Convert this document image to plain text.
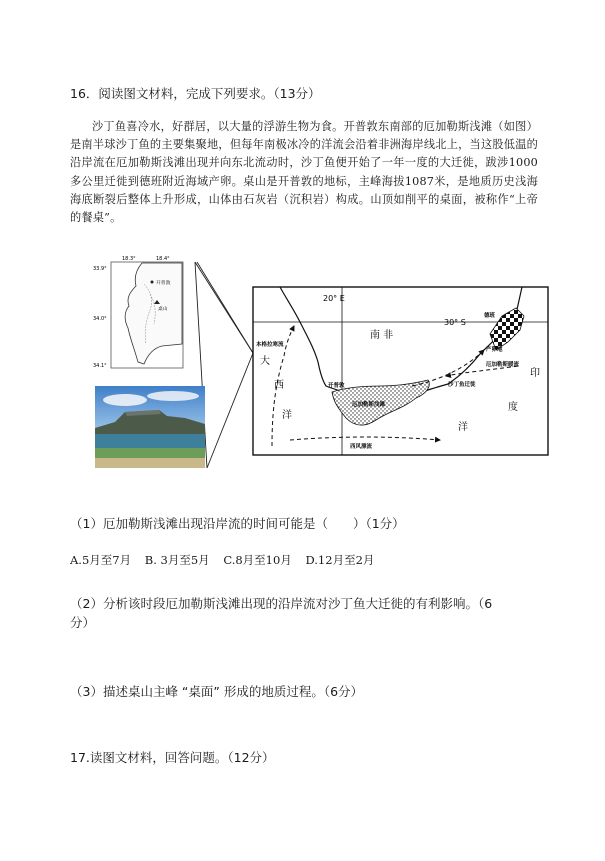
16．阅读图文材料，完成下列要求。（13分）
沙丁鱼喜冷水，好群居，以大量的浮游生物为食。开普敦东南部的厄加勒斯浅滩（如图）是南半球沙丁鱼的主要集聚地，但每年南极冰冷的洋流会沿着非洲海岸线北上，当这股低温的沿岸流在厄加勒斯浅滩出现并向东北流动时，沙丁鱼便开始了一年一度的大迁徙，跋涉1000多公里迁徙到德班附近海域产卵。桌山是开普敦的地标，主峰海拔1087米，是地质历史浅海海底断裂后整体上升形成，山体由石灰岩（沉积岩）构成。山顶如削平的桌面，被称作“上帝的餐桌”。
18.3°	18.4°
33.9°
34.0°
34.1°
开普敦
桌山
20° E
30° S
南 非
本格拉寒流
大
西
洋
开普敦
厄加勒斯浅滩
沙丁鱼迁徙
厄加勒斯暖流
产卵地
德班
印
度
洋
西风漂流
（1）厄加勒斯浅滩出现沿岸流的时间可能是（　　）（1分）
A.5月至7月 B. 3月至5月 C.8月至10月 D.12月至2月
（2）分析该时段厄加勒斯浅滩出现的沿岸流对沙丁鱼大迁徙的有利影响。（6
分）
（3）描述桌山主峰 “桌面” 形成的地质过程。（6分）
17.读图文材料，回答问题。（12分）
